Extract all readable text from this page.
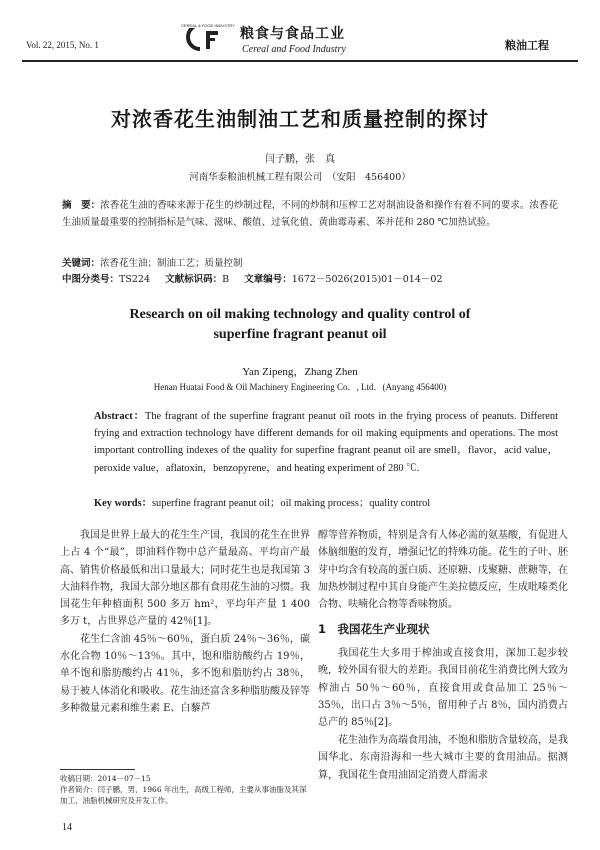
Vol. 22, 2015, No. 1
CEREAL & FOOD INDUSTRY
粮食与食品工业
Cereal and Food Industry	粮油工程
对浓香花生油制油工艺和质量控制的探讨
闫子鹏，张　真
河南华泰粮油机械工程有限公司　（安阳　456400）
摘　要：浓香花生油的香味来源于花生的炒制过程，不同的炒制和压榨工艺对制油设备和操作有着不同的要求。浓香花生油质量最重要的控制指标是气味、滋味、酸值、过氧化值、黄曲霉毒素、苯并芘和 280 ℃加热试验。
关键词：浓香花生油；制油工艺；质量控制
中图分类号：TS224 文献标识码：B 文章编号：1672－5026(2015)01－014－02
Research on oil making technology and quality control of superfine fragrant peanut oil
Yan Zipeng，Zhang Zhen
Henan Huatai Food & Oil Machinery Engineering Co．, Ltd．(Anyang 456400)
Abstract：The fragrant of the superfine fragrant peanut oil roots in the frying process of peanuts. Different frying and extraction technology have different demands for oil making equipments and operations. The most important controlling indexes of the quality for superfine fragrant peanut oil are smell，flavor，acid value，peroxide value，aflatoxin，benzopyrene，and heating experiment of 280 ℃.
Key words：superfine fragrant peanut oil；oil making process；quality control

我国是世界上最大的花生生产国，我国的花生在世界上占 4 个“最”，即油料作物中总产量最高、平均亩产最高、销售价格最低和出口量最大；同时花生也是我国第 3 大油料作物，我国大部分地区都有食用花生油的习惯。我国花生年种植面积 500 多万 hm²，平均年产量 1 400 多万 t，占世界总产量的 42％[1]。

花生仁含油 45％～60％，蛋白质 24％～36％，碳水化合物 10％～13％。其中，饱和脂肪酸约占 19％，单不饱和脂肪酸约占 41％，多不饱和脂肪约占 38％，易于被人体消化和吸收。花生油还富含多种脂肪酸及锌等多种微量元素和维生素 E、白藜芦

醇等营养物质，特别是含有人体必需的氨基酸，有促进人体脑细胞的发育，增强记忆的特殊功能。花生的子叶、胚芽中均含有较高的蛋白质、还原糖、戊聚糖、蔗糖等，在加热炒制过程中其自身能产生美拉德反应，生成吡嗪类化合物、呋喃化合物等香味物质。

1　我国花生产业现状

我国花生大多用于榨油或直接食用，深加工起步较晚，较外国有很大的差距。我国目前花生消费比例大致为榨油占 50％～60％，直接食用或食品加工 25％～35％，出口占 3％～5％，留用种子占 8％，国内消费占总产的 85％[2]。

花生油作为高端食用油，不饱和脂肪含量较高，是我国华北、东南沿海和一些大城市主要的食用油品。据测算，我国花生食用油固定消费人群需求

收稿日期：2014－07－15
作者简介：闫子鹏，男，1966 年出生，高级工程师，主要从事油脂及其深加工、油脂机械研究及开发工作。
14
